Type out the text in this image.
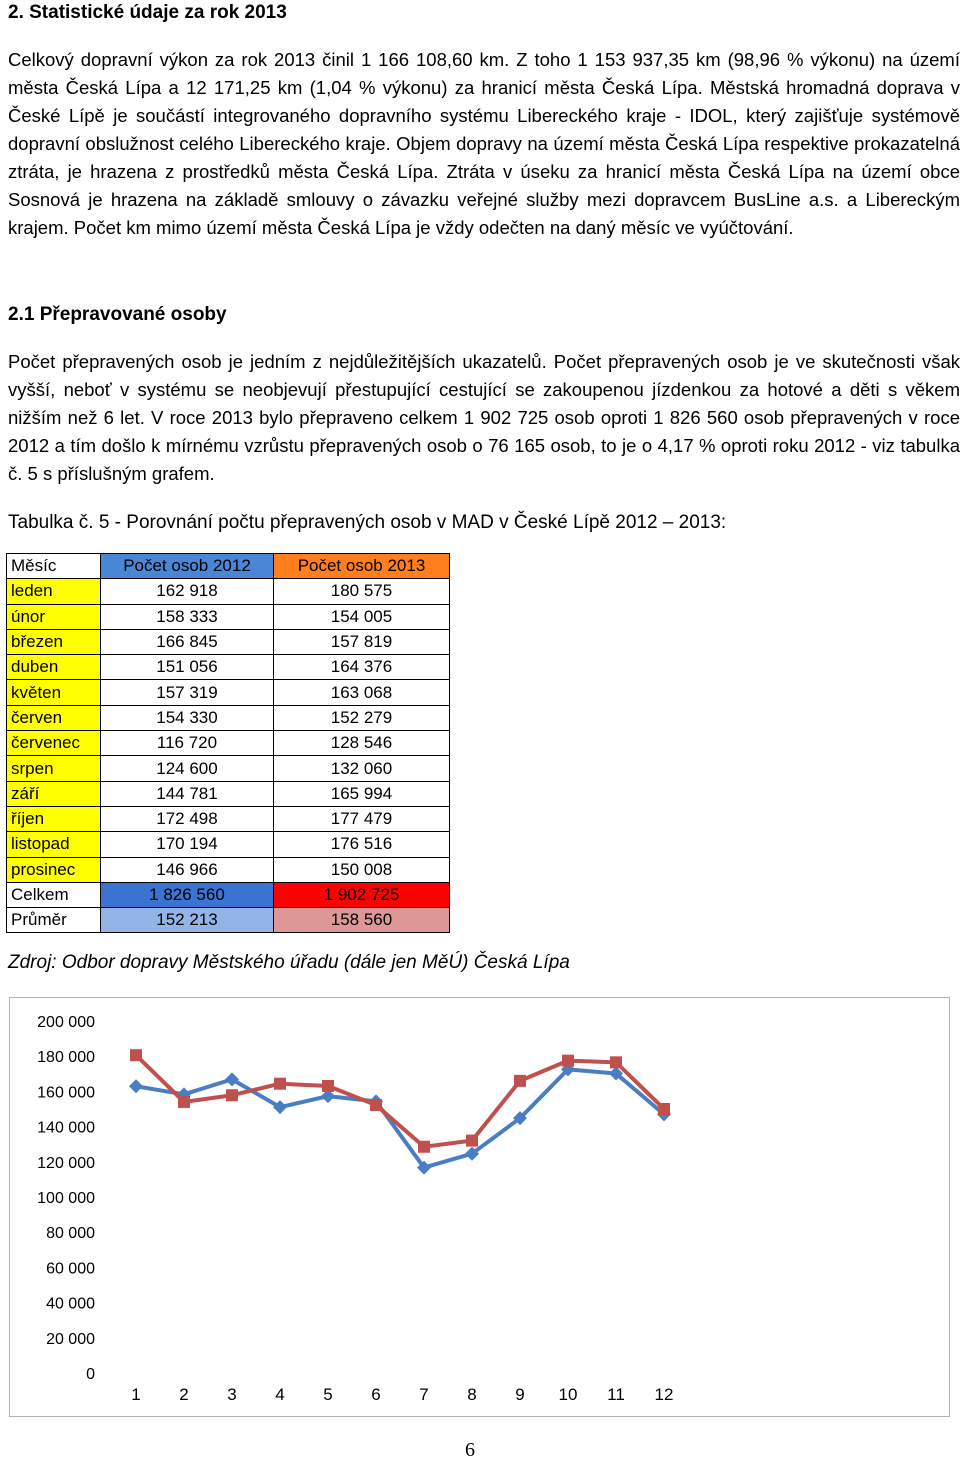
2. Statistické údaje za rok 2013

Celkový dopravní výkon za rok 2013 činil 1 166 108,60 km. Z toho 1 153 937,35 km (98,96 % výkonu) na území města Česká Lípa a 12 171,25 km (1,04 % výkonu) za hranicí města Česká Lípa. Městská hromadná doprava v České Lípě je součástí integrovaného dopravního systému Libereckého kraje - IDOL, který zajišťuje systémově dopravní obslužnost celého Libereckého kraje. Objem dopravy na území města Česká Lípa respektive prokazatelná ztráta, je hrazena z prostředků města Česká Lípa. Ztráta v úseku za hranicí města Česká Lípa na území obce Sosnová je hrazena na základě smlouvy o závazku veřejné služby mezi dopravcem BusLine a.s. a Libereckým krajem. Počet km mimo území města Česká Lípa je vždy odečten na daný měsíc ve vyúčtování.

2.1 Přepravované osoby

Počet přepravených osob je jedním z nejdůležitějších ukazatelů. Počet přepravených osob je ve skutečnosti však vyšší, neboť v systému se neobjevují přestupující cestující se zakoupenou jízdenkou za hotové a děti s věkem nižším než 6 let. V roce 2013 bylo přepraveno celkem 1 902 725 osob oproti 1 826 560 osob přepravených v roce 2012 a tím došlo k mírnému vzrůstu přepravených osob o 76 165 osob, to je o 4,17 % oproti roku 2012 - viz tabulka č. 5 s příslušným grafem.

Tabulka č. 5 - Porovnání počtu přepravených osob v MAD v České Lípě 2012 – 2013:

Měsíc	Počet osob 2012	Počet osob 2013
leden	162 918	180 575
únor	158 333	154 005
březen	166 845	157 819
duben	151 056	164 376
květen	157 319	163 068
červen	154 330	152 279
červenec	116 720	128 546
srpen	124 600	132 060
září	144 781	165 994
říjen	172 498	177 479
listopad	170 194	176 516
prosinec	146 966	150 008
Celkem	1 826 560	1 902 725
Průměr	152 213	158 560

Zdroj: Odbor dopravy Městského úřadu (dále jen MěÚ) Česká Lípa

0
20 000
40 000
60 000
80 000
100 000
120 000
140 000
160 000
180 000
200 000
1 2 3 4 5 6 7 8 9 10 11 12

6
